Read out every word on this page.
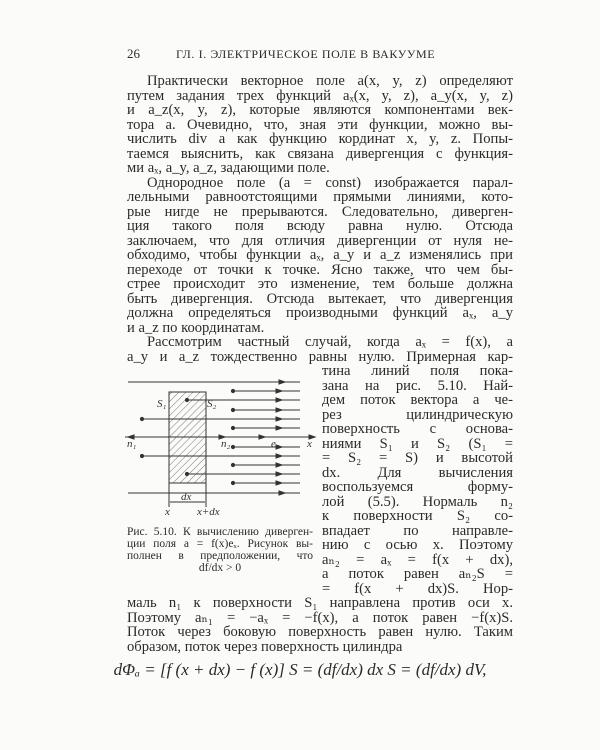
26	ГЛ. I. ЭЛЕКТРИЧЕСКОЕ ПОЛЕ В ВАКУУМЕ
Практически векторное поле a(x, y, z) определяют
путем задания трех функций aₓ(x, y, z), a_y(x, y, z)
и a_z(x, y, z), которые являются компонентами век-
тора a. Очевидно, что, зная эти функции, можно вы-
числить div a как функцию кординат x, y, z. Попы-
таемся выяснить, как связана дивергенция с функция-
ми aₓ, a_y, a_z, задающими поле.
Однородное поле (a = const) изображается парал-
лельными равноотстоящими прямыми линиями, кото-
рые нигде не прерываются. Следовательно, диверген-
ция такого поля всюду равна нулю. Отсюда
заключаем, что для отличия дивергенции от нуля не-
обходимо, чтобы функции aₓ, a_y и a_z изменялись при
переходе от точки к точке. Ясно также, что чем бы-
стрее происходит это изменение, тем больше должна
быть дивергенция. Отсюда вытекает, что дивергенция
должна определяться производными функций aₓ, a_y
и a_z по координатам.
Рассмотрим частный случай, когда aₓ = f(x), а
a_y и a_z тождественно равны нулю. Примерная кар-
тина линий поля пока-
зана на рис. 5.10. Най-
дем поток вектора a че-
рез цилиндрическую
поверхность с основа-
ниями S₁ и S₂ (S₁ =
= S₂ = S) и высотой
dx. Для вычисления
воспользуемся форму-
лой (5.5). Нормаль n₂
к поверхности S₂ со-
впадает по направле-
нию с осью x. Поэтому
aₙ₂ = aₓ = f(x + dx),
а поток равен aₙ₂S =
= f(x + dx)S. Нор-
маль n₁ к поверхности S₁ направлена против оси x.
Поэтому aₙ₁ = −aₓ = −f(x), а поток равен −f(x)S.
Поток через боковую поверхность равен нулю. Таким
образом, поток через поверхность цилиндра
S₁	S₂
n₁	n₂	eₓ	x
dx
x x+dx
Рис. 5.10. К вычислению диверген-
ции поля a = f(x)eₓ. Рисунок вы-
полнен в предположении, что
df/dx > 0
dΦₐ = [f (x + dx) − f (x)] S = (df/dx) dx S = (df/dx) dV,
